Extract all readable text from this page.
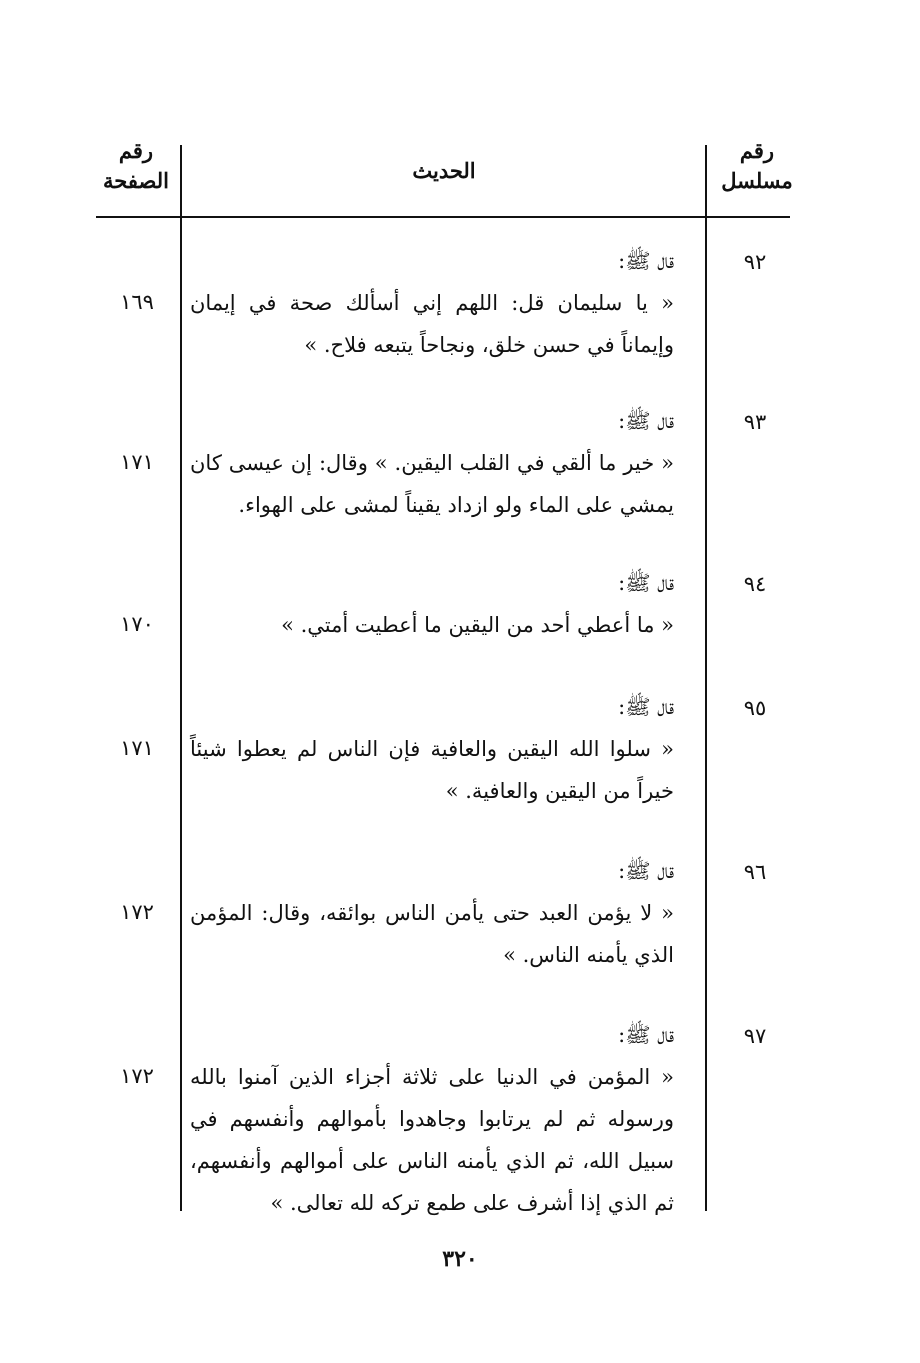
رقم مسلسل
الحديث
رقم الصفحة
٩٢

قال ﷺ:

« يا سليمان قل: اللهم إني أسألك صحة في إيمان وإيماناً في حسن خلق، ونجاحاً يتبعه فلاح. »

١٦٩
٩٣

قال ﷺ:

« خير ما ألقي في القلب اليقين. » وقال: إن عيسى كان يمشي على الماء ولو ازداد يقيناً لمشى على الهواء.

١٧١
٩٤

قال ﷺ:

« ما أعطي أحد من اليقين ما أعطيت أمتي. »

١٧٠
٩٥

قال ﷺ:

« سلوا الله اليقين والعافية فإن الناس لم يعطوا شيئاً خيراً من اليقين والعافية. »

١٧١
٩٦

قال ﷺ:

« لا يؤمن العبد حتى يأمن الناس بوائقه، وقال: المؤمن الذي يأمنه الناس. »

١٧٢
٩٧

قال ﷺ:

« المؤمن في الدنيا على ثلاثة أجزاء الذين آمنوا بالله ورسوله ثم لم يرتابوا وجاهدوا بأموالهم وأنفسهم في سبيل الله، ثم الذي يأمنه الناس على أموالهم وأنفسهم، ثم الذي إذا أشرف على طمع تركه لله تعالى. »

١٧٢
٣٢٠
